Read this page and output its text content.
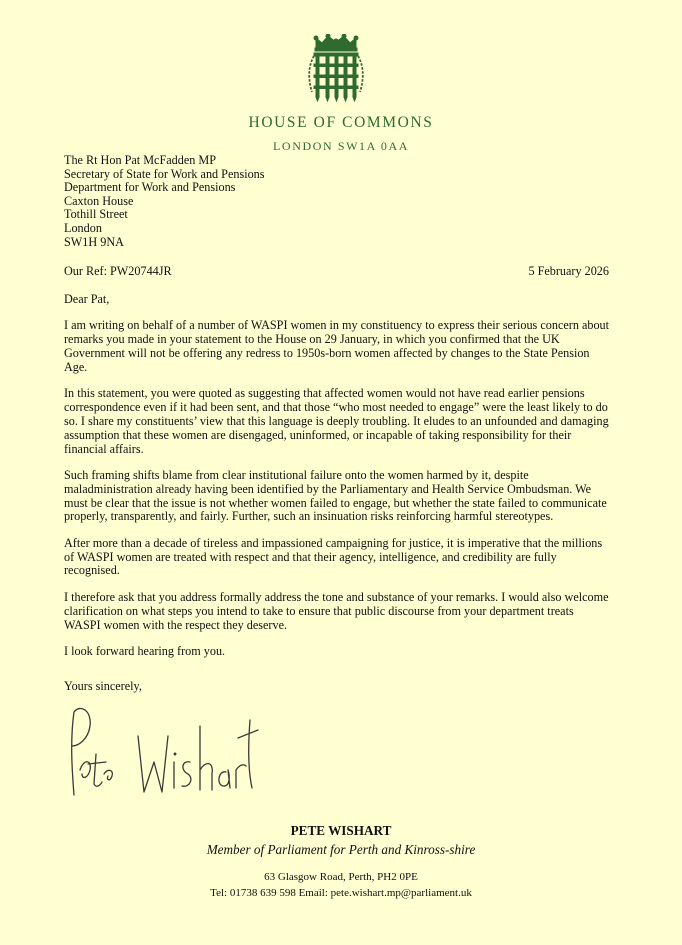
HOUSE OF COMMONS
LONDON SW1A 0AA
The Rt Hon Pat McFadden MP
Secretary of State for Work and Pensions
Department for Work and Pensions
Caxton House
Tothill Street
London
SW1H 9NA
Our Ref: PW20744JR	5 February 2026
Dear Pat,

I am writing on behalf of a number of WASPI women in my constituency to express their serious concern about remarks you made in your statement to the House on 29 January, in which you confirmed that the UK Government will not be offering any redress to 1950s-born women affected by changes to the State Pension Age.

In this statement, you were quoted as suggesting that affected women would not have read earlier pensions correspondence even if it had been sent, and that those “who most needed to engage” were the least likely to do so. I share my constituents’ view that this language is deeply troubling. It eludes to an unfounded and damaging assumption that these women are disengaged, uninformed, or incapable of taking responsibility for their financial affairs.

Such framing shifts blame from clear institutional failure onto the women harmed by it, despite maladministration already having been identified by the Parliamentary and Health Service Ombudsman. We must be clear that the issue is not whether women failed to engage, but whether the state failed to communicate properly, transparently, and fairly. Further, such an insinuation risks reinforcing harmful stereotypes.

After more than a decade of tireless and impassioned campaigning for justice, it is imperative that the millions of WASPI women are treated with respect and that their agency, intelligence, and credibility are fully recognised.

I therefore ask that you address formally address the tone and substance of your remarks. I would also welcome clarification on what steps you intend to take to ensure that public discourse from your department treats WASPI women with the respect they deserve.

I look forward hearing from you.

Yours sincerely,
PETE WISHART
Member of Parliament for Perth and Kinross-shire
63 Glasgow Road, Perth, PH2 0PE
Tel: 01738 639 598 Email: pete.wishart.mp@parliament.uk
